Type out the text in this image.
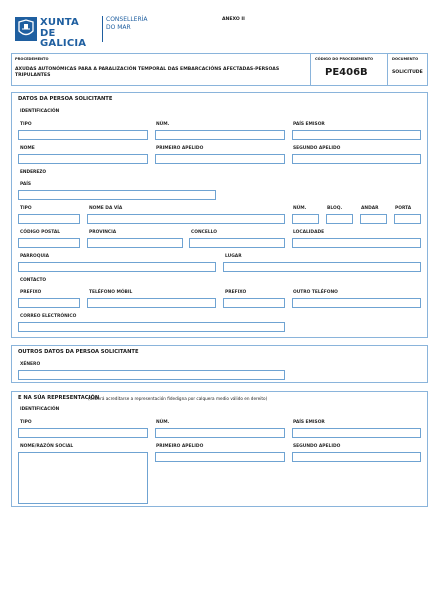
XUNTA
DE GALICIA
CONSELLERÍA
DO MAR
ANEXO II
PROCEDEMENTO
AXUDAS AUTONÓMICAS PARA A PARALIZACIÓN TEMPORAL DAS EMBARCACIÓNS AFECTADAS-PERSOAS
TRIPULANTES
CÓDIGO DO PROCEDEMENTO
PE406B
DOCUMENTO
SOLICITUDE
DATOS DA PERSOA SOLICITANTE
IDENTIFICACIÓN
TIPO	NÚM.	PAÍS EMISOR
NOME	PRIMEIRO APELIDO	SEGUNDO APELIDO
ENDEREZO
PAÍS
TIPO	NOME DA VÍA	NÚM.	BLOQ.	ANDAR	PORTA
CÓDIGO POSTAL	PROVINCIA	CONCELLO	LOCALIDADE
PARROQUIA	LUGAR
CONTACTO
PREFIXO	TELÉFONO MÓBIL	PREFIXO	OUTRO TELÉFONO
CORREO ELECTRÓNICO
OUTROS DATOS DA PERSOA SOLICITANTE
XÉNERO
E NA SÚA REPRESENTACIÓN
(deberá acreditarse a representación fidedigna por calquera medio válido en dereito)
IDENTIFICACIÓN
TIPO	NÚM.	PAÍS EMISOR
NOME/RAZÓN SOCIAL	PRIMEIRO APELIDO	SEGUNDO APELIDO
